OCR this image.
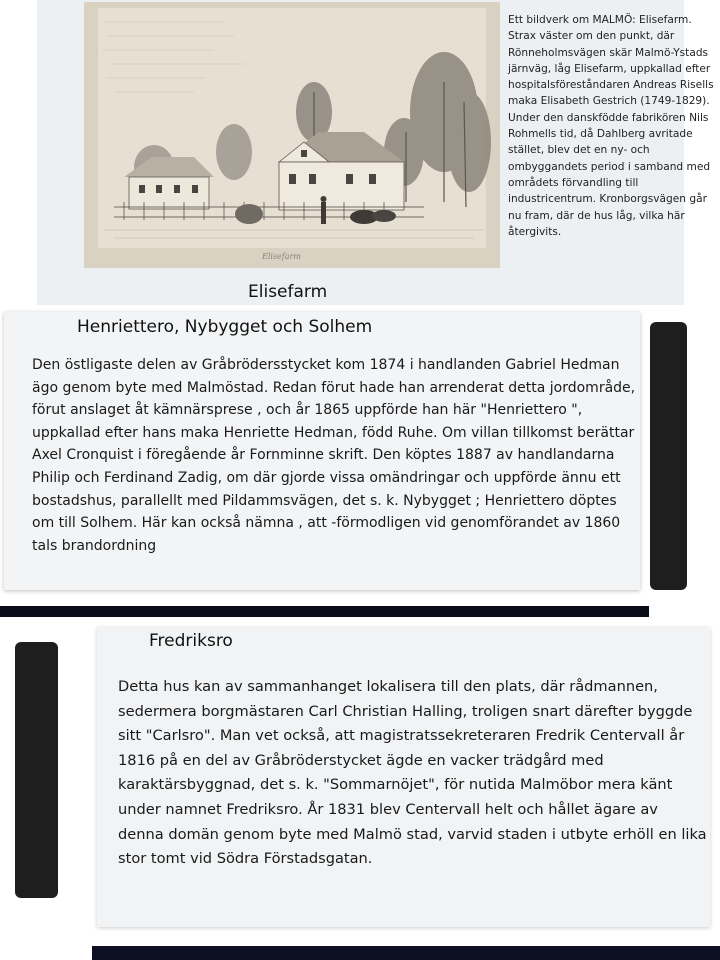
Elisefarm

Ett bildverk om MALMÖ: Elisefarm. Strax väster om den punkt, där Rönneholmsvägen skär Malmö-Ystads järnväg, låg Elisefarm, uppkallad efter hospitalsföreståndaren Andreas Risells maka Elisabeth Gestrich (1749-1829). Under den danskfödde fabrikören Nils Rohmells tid, då Dahlberg avritade stället, blev det en ny- och ombyggandets period i samband med områdets förvandling till industricentrum. Kronborgsvägen går nu fram, där de hus låg, vilka här återgivits.

Elisefarm
Henriettero, Nybygget och Solhem

Den östligaste delen av Gråbrödersstycket kom 1874 i handlanden Gabriel Hedman ägo genom byte med Malmöstad. Redan förut hade han arrenderat detta jordområde, förut anslaget åt kämnärsprese , och år 1865 uppförde han här "Henriettero ", uppkallad efter hans maka Henriette Hedman, född Ruhe. Om villan tillkomst berättar Axel Cronquist i föregående år Fornminne skrift. Den köptes 1887 av handlandarna Philip och Ferdinand Zadig, om där gjorde vissa omändringar och uppförde ännu ett bostadshus, parallellt med Pildammsvägen, det s. k. Nybygget ; Henriettero döptes om till Solhem. Här kan också nämna , att -förmodligen vid genomförandet av 1860 tals brandordning

Fredriksro

Detta hus kan av sammanhanget lokalisera till den plats, där rådmannen, sedermera borgmästaren Carl Christian Halling, troligen snart därefter byggde sitt "Carlsro". Man vet också, att magistratssekreteraren Fredrik Centervall år 1816 på en del av Gråbröderstycket ägde en vacker trädgård med karaktärsbyggnad, det s. k. "Sommarnöjet", för nutida Malmöbor mera känt under namnet Fredriksro. År 1831 blev Centervall helt och hållet ägare av denna domän genom byte med Malmö stad, varvid staden i utbyte erhöll en lika stor tomt vid Södra Förstadsgatan.
